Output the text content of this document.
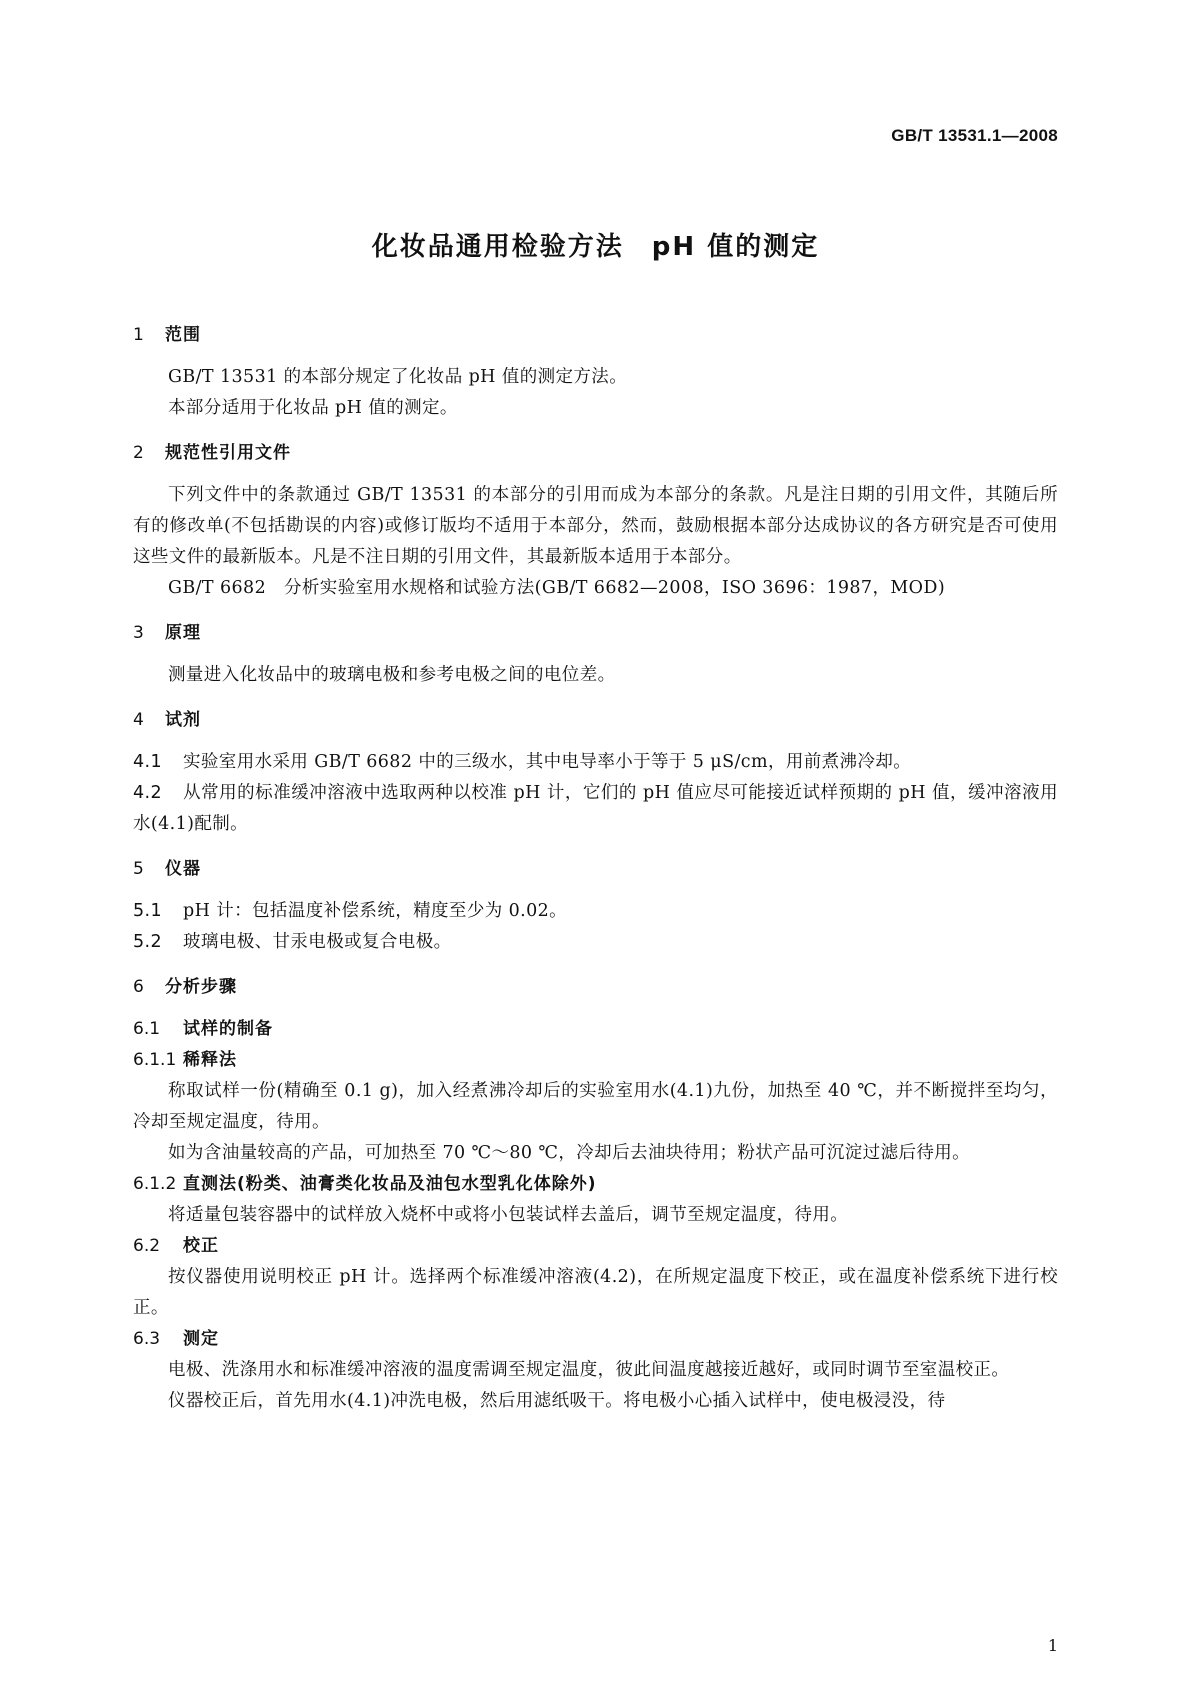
GB/T 13531.1—2008
化妆品通用检验方法　pH 值的测定
1 范围

GB/T 13531 的本部分规定了化妆品 pH 值的测定方法。

本部分适用于化妆品 pH 值的测定。

2 规范性引用文件

下列文件中的条款通过 GB/T 13531 的本部分的引用而成为本部分的条款。凡是注日期的引用文件，其随后所有的修改单(不包括勘误的内容)或修订版均不适用于本部分，然而，鼓励根据本部分达成协议的各方研究是否可使用这些文件的最新版本。凡是不注日期的引用文件，其最新版本适用于本部分。

GB/T 6682　分析实验室用水规格和试验方法(GB/T 6682—2008，ISO 3696：1987，MOD)

3 原理

测量进入化妆品中的玻璃电极和参考电极之间的电位差。

4 试剂

4.1 实验室用水采用 GB/T 6682 中的三级水，其中电导率小于等于 5 μS/cm，用前煮沸冷却。

4.2 从常用的标准缓冲溶液中选取两种以校准 pH 计，它们的 pH 值应尽可能接近试样预期的 pH 值，缓冲溶液用水(4.1)配制。

5 仪器

5.1 pH 计：包括温度补偿系统，精度至少为 0.02。

5.2 玻璃电极、甘汞电极或复合电极。

6 分析步骤
6.1 试样的制备
6.1.1 稀释法

称取试样一份(精确至 0.1 g)，加入经煮沸冷却后的实验室用水(4.1)九份，加热至 40 ℃，并不断搅拌至均匀，冷却至规定温度，待用。

如为含油量较高的产品，可加热至 70 ℃～80 ℃，冷却后去油块待用；粉状产品可沉淀过滤后待用。

6.1.2 直测法(粉类、油膏类化妆品及油包水型乳化体除外)

将适量包装容器中的试样放入烧杯中或将小包装试样去盖后，调节至规定温度，待用。

6.2 校正

按仪器使用说明校正 pH 计。选择两个标准缓冲溶液(4.2)，在所规定温度下校正，或在温度补偿系统下进行校正。

6.3 测定

电极、洗涤用水和标准缓冲溶液的温度需调至规定温度，彼此间温度越接近越好，或同时调节至室温校正。

仪器校正后，首先用水(4.1)冲洗电极，然后用滤纸吸干。将电极小心插入试样中，使电极浸没，待

1
